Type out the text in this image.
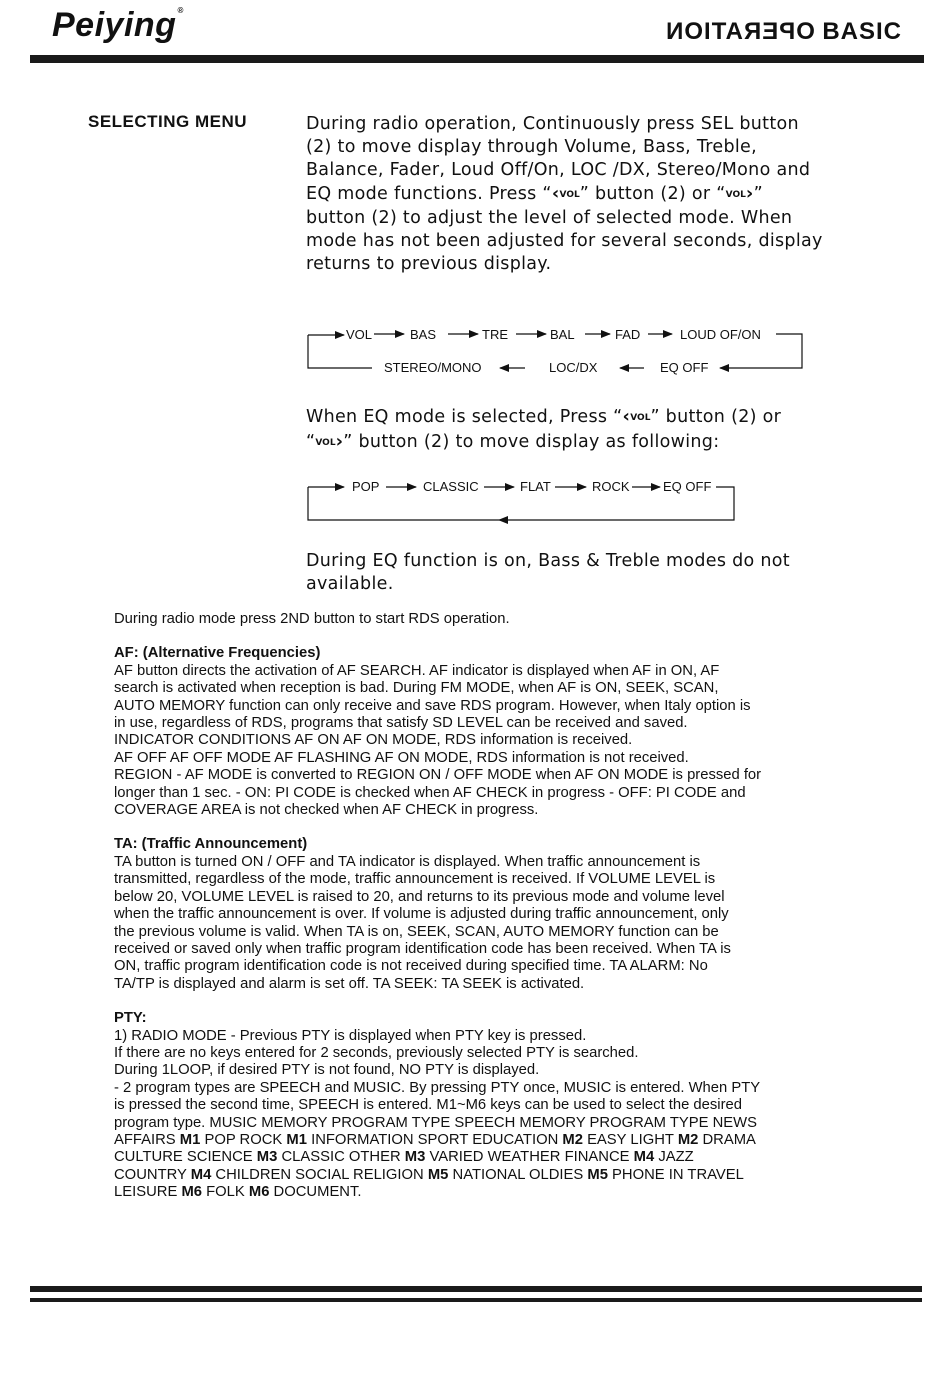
Peiying®
OPERATION BASIC
SELECTING MENU	During radio operation, Continuously press SEL button (2) to move display through Volume, Bass, Treble, Balance, Fader, Loud Off/On, LOC /DX, Stereo/Mono and EQ mode functions. Press “‹VOL” button (2) or “VOL›” button (2) to adjust the level of selected mode. When mode has not been adjusted for several seconds, display returns to previous display.
VOL	BAS	TRE	BAL	FAD	LOUD OF/ON
STEREO/MONO	LOC/DX	EQ OFF
When EQ mode is selected, Press “‹VOL” button (2) or “VOL›” button (2) to move display as following:
POP	CLASSIC	FLAT	ROCK	EQ OFF
During EQ function is on, Bass & Treble modes do not available.

During radio mode press 2ND button to start RDS operation.

AF: (Alternative Frequencies)

AF button directs the activation of AF SEARCH. AF indicator is displayed when AF in ON, AF

search is activated when reception is bad. During FM MODE, when AF is ON, SEEK, SCAN,

AUTO MEMORY function can only receive and save RDS program. However, when Italy option is

in use, regardless of RDS, programs that satisfy SD LEVEL can be received and saved.

INDICATOR CONDITIONS AF ON AF ON MODE, RDS information is received.

AF OFF AF OFF MODE AF FLASHING AF ON MODE, RDS information is not received.

REGION - AF MODE is converted to REGION ON / OFF MODE when AF ON MODE is pressed for

longer than 1 sec. - ON: PI CODE is checked when AF CHECK in progress - OFF: PI CODE and

COVERAGE AREA is not checked when AF CHECK in progress.

TA: (Traffic Announcement)

TA button is turned ON / OFF and TA indicator is displayed. When traffic announcement is

transmitted, regardless of the mode, traffic announcement is received. If VOLUME LEVEL is

below 20, VOLUME LEVEL is raised to 20, and returns to its previous mode and volume level

when the traffic announcement is over. If volume is adjusted during traffic announcement, only

the previous volume is valid. When TA is on, SEEK, SCAN, AUTO MEMORY function can be

received or saved only when traffic program identification code has been received. When TA is

ON, traffic program identification code is not received during specified time. TA ALARM: No

TA/TP is displayed and alarm is set off. TA SEEK: TA SEEK is activated.

PTY:

1) RADIO MODE - Previous PTY is displayed when PTY key is pressed.

If there are no keys entered for 2 seconds, previously selected PTY is searched.

During 1LOOP, if desired PTY is not found, NO PTY is displayed.

- 2 program types are SPEECH and MUSIC. By pressing PTY once, MUSIC is entered. When PTY

is pressed the second time, SPEECH is entered. M1~M6 keys can be used to select the desired

program type. MUSIC MEMORY PROGRAM TYPE SPEECH MEMORY PROGRAM TYPE NEWS

AFFAIRS M1 POP ROCK M1 INFORMATION SPORT EDUCATION M2 EASY LIGHT M2 DRAMA

CULTURE SCIENCE M3 CLASSIC OTHER M3 VARIED WEATHER FINANCE M4 JAZZ

COUNTRY M4 CHILDREN SOCIAL RELIGION M5 NATIONAL OLDIES M5 PHONE IN TRAVEL

LEISURE M6 FOLK M6 DOCUMENT.
